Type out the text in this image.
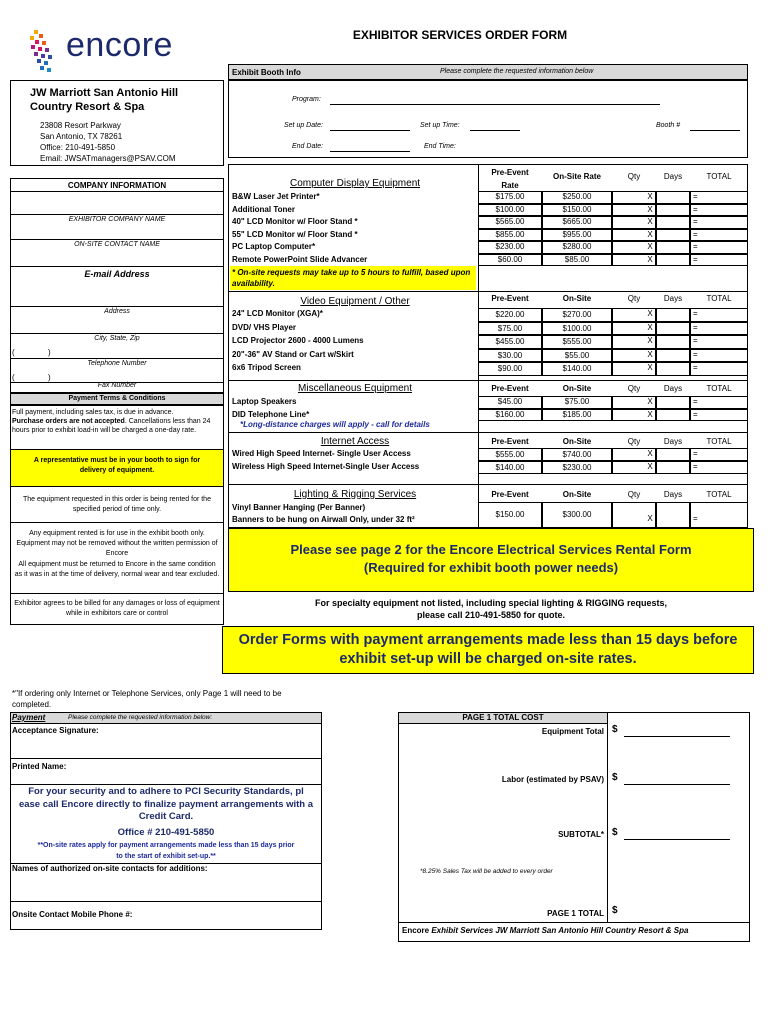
encore	EXHIBITOR SERVICES ORDER FORM
Exhibit Booth Info	Please complete the requested information below
Program:
Set up Date:	Set up Time:	Booth #
End Date:	End Time:
JW Marriott San Antonio Hill Country Resort & Spa
23808 Resort Parkway
San Antonio, TX 78261
Office: 210-491-5850
Email: JWSATmanagers@PSAV.COM
COMPANY INFORMATION
EXHIBITOR COMPANY NAME
ON-SITE CONTACT NAME
E-mail Address
Address
City, State, Zip
(	)
Telephone Number
(	)
Fax Number
Payment Terms & Conditions
Full payment, including sales tax, is due in advance.
Purchase orders are not accepted. Cancellations less than 24 hours prior to exhibit load-in will be charged a one-day rate.
A representative must be in your booth to sign for delivery of equipment.
The equipment requested in this order is being rented for the specified period of time only.
Any equipment rented is for use in the exhibit booth only. Equipment may not be removed without the written permission of Encore
All equipment must be returned to Encore in the same condition as it was in at the time of delivery, normal wear and tear excluded.
Exhibitor agrees to be billed for any damages or loss of equipment while in exhibitors care or control
Computer Display Equipment
Pre-Event
Rate
On-Site Rate	Qty	Days	TOTAL
B&W Laser Jet Printer*	$175.00	$250.00	X	=
Additional Toner	$100.00	$150.00	X	=
40" LCD Monitor w/ Floor Stand *	$565.00	$665.00	X	=
55" LCD Monitor w/ Floor Stand *	$855.00	$955.00	X	=
PC Laptop Computer*	$230.00	$280.00	X	=
Remote PowerPoint Slide Advancer	$60.00	$85.00	X	=
* On-site requests may take up to 5 hours to fulfill, based upon availability.
Video Equipment / Other	Pre-Event	On-Site	Qty	Days	TOTAL
24" LCD Monitor (XGA)*	$220.00	$270.00	X	=
DVD/ VHS Player	$75.00	$100.00	X	=
LCD Projector 2600 - 4000 Lumens	$455.00	$555.00	X	=
20"-36" AV Stand or Cart w/Skirt	$30.00	$55.00	X	=
6x6 Tripod Screen	$90.00	$140.00	X	=
Miscellaneous Equipment	Pre-Event	On-Site	Qty	Days	TOTAL
Laptop Speakers	$45.00	$75.00	X	=
DID Telephone Line*	$160.00	$185.00	X	=
*Long-distance charges will apply - call for details
Internet Access	Pre-Event	On-Site	Qty	Days	TOTAL
Wired High Speed Internet- Single User Access	$555.00	$740.00	X	=
Wireless High Speed Internet-Single User Access	$140.00	$230.00	X	=
Lighting & Rigging Services	Pre-Event	On-Site	Qty	Days	TOTAL
Vinyl Banner Hanging (Per Banner)
Banners to be hung on Airwall Only, under 32 ft²
$150.00	$300.00	X	=
Please see page 2 for the Encore Electrical Services Rental Form
(Required for exhibit booth power needs)
For specialty equipment not listed, including special lighting & RIGGING requests,
please call 210-491-5850 for quote.
Order Forms with payment arrangements made less than 15 days before
exhibit set-up will be charged on-site rates.
*"If ordering only Internet or Telephone Services, only Page 1 will need to be completed.
Payment	Please complete the requested information below:
Acceptance Signature:
Printed Name:
For your security and to adhere to PCI Security Standards, pl
ease call Encore directly to finalize payment arrangements with a
Credit Card.
Office # 210-491-5850
**On-site rates apply for payment arrangements made less than 15 days prior
to the start of exhibit set-up.**
Names of authorized on-site contacts for additions:
Onsite Contact Mobile Phone #:
PAGE 1 TOTAL COST
Equipment Total $
Labor (estimated by PSAV) $
SUBTOTAL* $
*8.25% Sales Tax will be added to every order
PAGE 1 TOTAL $
Encore Exhibit Services JW Marriott San Antonio Hill Country Resort & Spa
